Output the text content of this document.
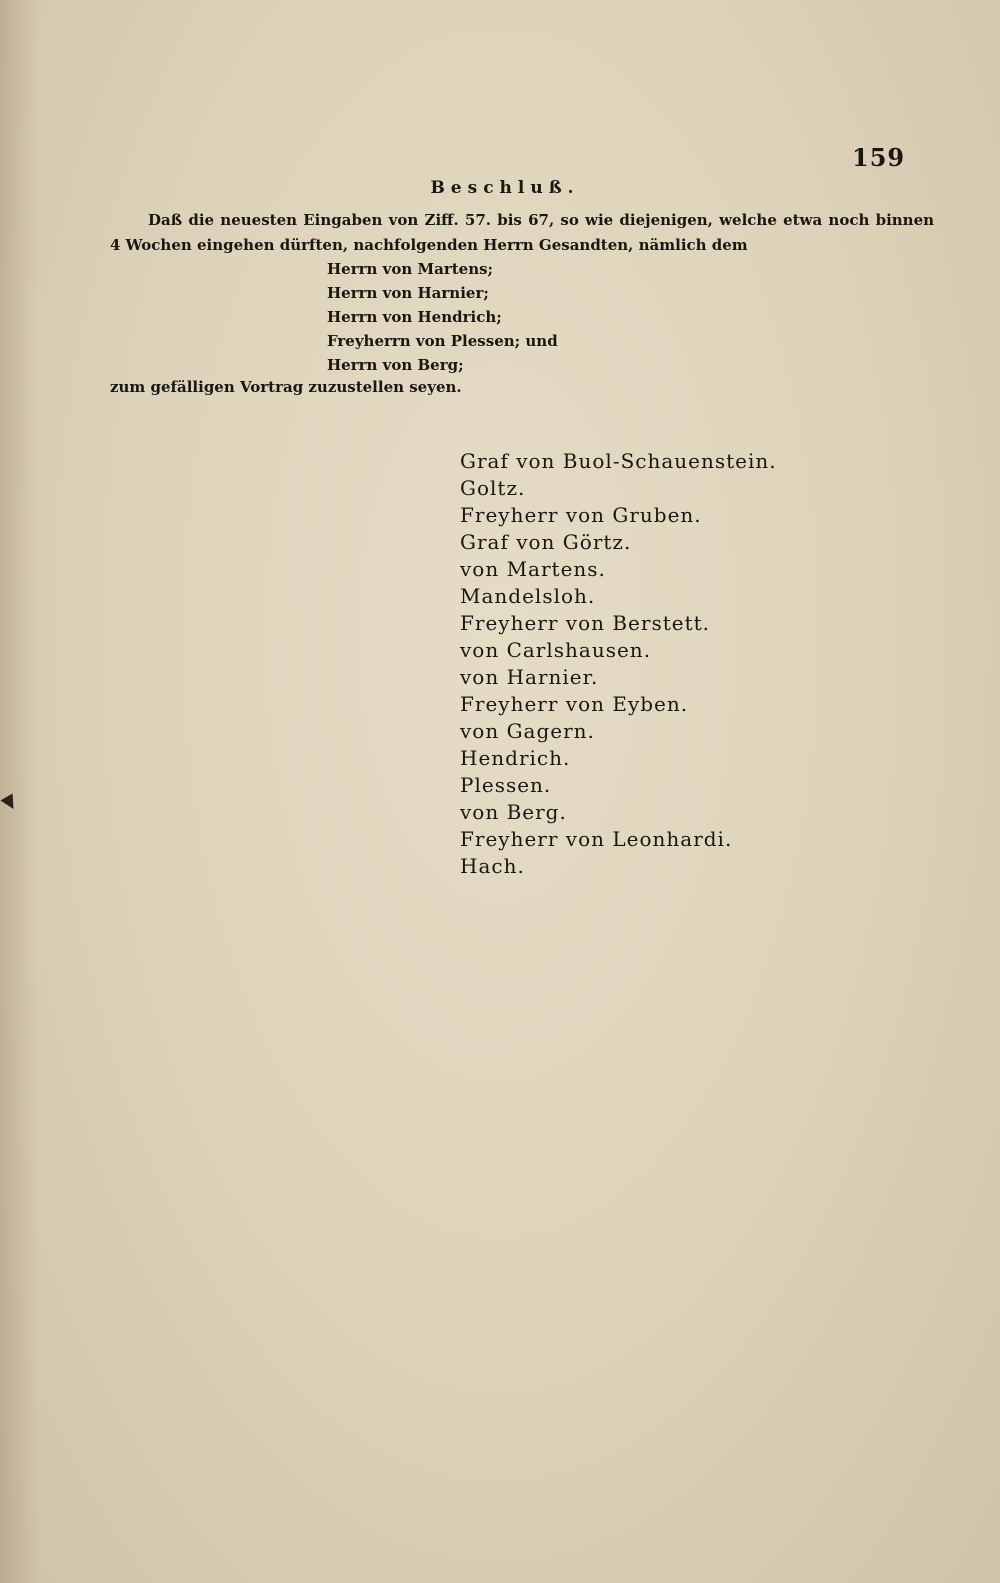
159
Beschluß.
Daß die neuesten Eingaben von Ziff. 57. bis 67, so wie diejenigen, welche etwa noch binnen
4 Wochen eingehen dürften, nachfolgenden Herrn Gesandten, nämlich dem
Herrn von Martens;
Herrn von Harnier;
Herrn von Hendrich;
Freyherrn von Plessen; und
Herrn von Berg;
zum gefälligen Vortrag zuzustellen seyen.
Graf von Buol-Schauenstein.
Goltz.
Freyherr von Gruben.
Graf von Görtz.
von Martens.
Mandelsloh.
Freyherr von Berstett.
von Carlshausen.
von Harnier.
Freyherr von Eyben.
von Gagern.
Hendrich.
Plessen.
von Berg.
Freyherr von Leonhardi.
Hach.
